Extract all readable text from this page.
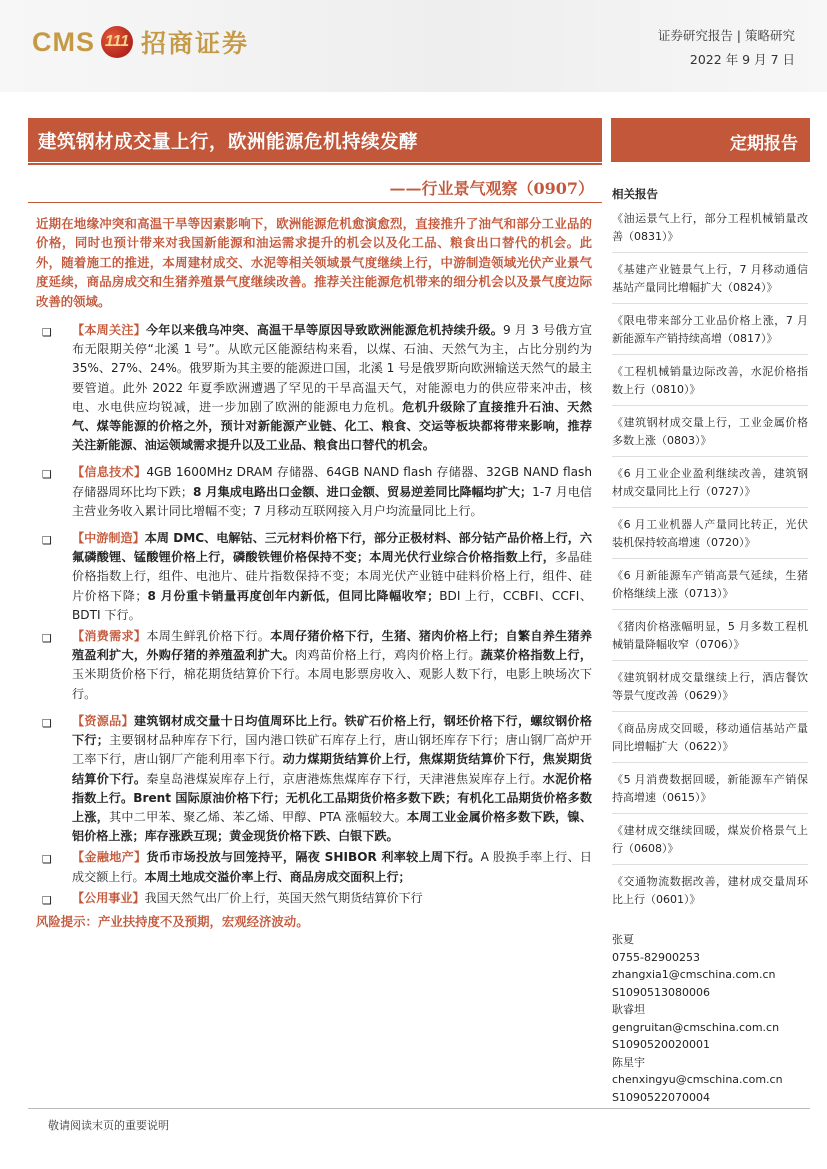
CMS 111 招商证券	证券研究报告 | 策略研究
2022 年 9 月 7 日
建筑钢材成交量上行，欧洲能源危机持续发酵	定期报告
——行业景气观察（0907）

近期在地缘冲突和高温干旱等因素影响下，欧洲能源危机愈演愈烈，直接推升了油气和部分工业品的价格，同时也预计带来对我国新能源和油运需求提升的机会以及化工品、粮食出口替代的机会。此外，随着施工的推进，本周建材成交、水泥等相关领域景气度继续上行，中游制造领域光伏产业景气度延续，商品房成交和生猪养殖景气度继续改善。推荐关注能源危机带来的细分机会以及景气度边际改善的领域。

❑ 【本周关注】今年以来俄乌冲突、高温干旱等原因导致欧洲能源危机持续升级。9 月 3 号俄方宣布无限期关停“北溪 1 号”。从欧元区能源结构来看，以煤、石油、天然气为主，占比分别约为 35%、27%、24%。俄罗斯为其主要的能源进口国，北溪 1 号是俄罗斯向欧洲输送天然气的最主要管道。此外 2022 年夏季欧洲遭遇了罕见的干旱高温天气，对能源电力的供应带来冲击，核电、水电供应均锐减，进一步加剧了欧洲的能源电力危机。危机升级除了直接推升石油、天然气、煤等能源的价格之外，预计对新能源产业链、化工、粮食、交运等板块都将带来影响，推荐关注新能源、油运领域需求提升以及工业品、粮食出口替代的机会。
❑ 【信息技术】4GB 1600MHz DRAM 存储器、64GB NAND flash 存储器、32GB NAND flash 存储器周环比均下跌；8 月集成电路出口金额、进口金额、贸易逆差同比降幅均扩大；1-7 月电信主营业务收入累计同比增幅不变；7 月移动互联网接入月户均流量同比上行。
❑ 【中游制造】本周 DMC、电解钴、三元材料价格下行，部分正极材料、部分钴产品价格上行，六氟磷酸锂、锰酸锂价格上行，磷酸铁锂价格保持不变；本周光伏行业综合价格指数上行，多晶硅价格指数上行，组件、电池片、硅片指数保持不变；本周光伏产业链中硅料价格上行，组件、硅片价格下降；8 月份重卡销量再度创年内新低，但同比降幅收窄；BDI 上行，CCBFI、CCFI、BDTI 下行。
❑ 【消费需求】本周生鲜乳价格下行。本周仔猪价格下行，生猪、猪肉价格上行；自繁自养生猪养殖盈利扩大，外购仔猪的养殖盈利扩大。肉鸡苗价格上行，鸡肉价格上行。蔬菜价格指数上行，玉米期货价格下行，棉花期货结算价下行。本周电影票房收入、观影人数下行，电影上映场次下行。
❑ 【资源品】建筑钢材成交量十日均值周环比上行。铁矿石价格上行，钢坯价格下行，螺纹钢价格下行；主要钢材品种库存下行，国内港口铁矿石库存上行，唐山钢坯库存下行；唐山钢厂高炉开工率下行，唐山钢厂产能利用率下行。动力煤期货结算价上行，焦煤期货结算价下行，焦炭期货结算价下行。秦皇岛港煤炭库存上行，京唐港炼焦煤库存下行，天津港焦炭库存上行。水泥价格指数上行。Brent 国际原油价格下行；无机化工品期货价格多数下跌；有机化工品期货价格多数上涨，其中二甲苯、聚乙烯、苯乙烯、甲醇、PTA 涨幅较大。本周工业金属价格多数下跌，镍、铝价格上涨；库存涨跌互现；黄金现货价格下跌、白银下跌。
❑ 【金融地产】货币市场投放与回笼持平，隔夜 SHIBOR 利率较上周下行。A 股换手率上行、日成交额上行。本周土地成交溢价率上行、商品房成交面积上行；
❑ 【公用事业】我国天然气出厂价上行，英国天然气期货结算价下行

风险提示：产业扶持度不及预期，宏观经济波动。

相关报告
《油运景气上行，部分工程机械销量改善（0831）》
《基建产业链景气上行，7 月移动通信基站产量同比增幅扩大（0824）》
《限电带来部分工业品价格上涨，7 月新能源车产销持续高增（0817）》
《工程机械销量边际改善，水泥价格指数上行（0810）》
《建筑钢材成交量上行，工业金属价格多数上涨（0803）》
《6 月工业企业盈利继续改善，建筑钢材成交量同比上行（0727）》
《6 月工业机器人产量同比转正，光伏装机保持较高增速（0720）》
《6 月新能源车产销高景气延续，生猪价格继续上涨（0713）》
《猪肉价格涨幅明显，5 月多数工程机械销量降幅收窄（0706）》
《建筑钢材成交量继续上行，酒店餐饮等景气度改善（0629）》
《商品房成交回暖，移动通信基站产量同比增幅扩大（0622）》
《5 月消费数据回暖，新能源车产销保持高增速（0615）》
《建材成交继续回暖，煤炭价格景气上行（0608）》
《交通物流数据改善，建材成交量周环比上行（0601）》
张夏
0755-82900253
zhangxia1@cmschina.com.cn
S1090513080006
耿睿坦
gengruitan@cmschina.com.cn
S1090520020001
陈星宇
chenxingyu@cmschina.com.cn
S1090522070004
敬请阅读末页的重要说明
